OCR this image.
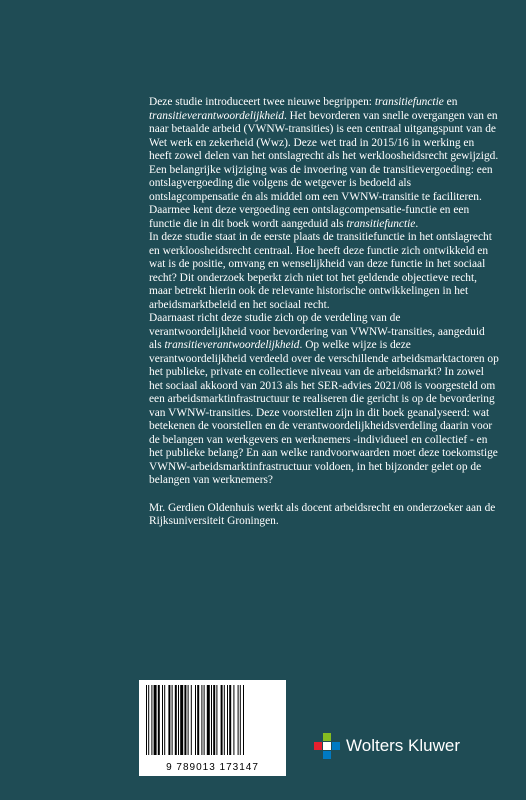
Deze studie introduceert twee nieuwe begrippen: transitiefunctie en transitieverantwoordelijkheid. Het bevorderen van snelle overgangen van en naar betaalde arbeid (VWNW-transities) is een centraal uitgangspunt van de Wet werk en zekerheid (Wwz). Deze wet trad in 2015/16 in werking en heeft zowel delen van het ontslagrecht als het werkloosheidsrecht gewijzigd. Een belangrijke wijziging was de invoering van de transitievergoeding: een ontslagvergoeding die volgens de wetgever is bedoeld als ontslagcompensatie én als middel om een VWNW-transitie te faciliteren. Daarmee kent deze vergoeding een ontslagcompensatie-functie en een functie die in dit boek wordt aangeduid als transitiefunctie.

In deze studie staat in de eerste plaats de transitiefunctie in het ontslagrecht en werkloosheidsrecht centraal. Hoe heeft deze functie zich ontwikkeld en wat is de positie, omvang en wenselijkheid van deze functie in het sociaal recht? Dit onderzoek beperkt zich niet tot het geldende objectieve recht, maar betrekt hierin ook de relevante historische ontwikkelingen in het arbeidsmarktbeleid en het sociaal recht.

Daarnaast richt deze studie zich op de verdeling van de verantwoordelijkheid voor bevordering van VWNW-transities, aangeduid als transitieverantwoordelijkheid. Op welke wijze is deze verantwoordelijkheid verdeeld over de verschillende arbeidsmarktactoren op het publieke, private en collectieve niveau van de arbeidsmarkt? In zowel het sociaal akkoord van 2013 als het SER-advies 2021/08 is voorgesteld om een arbeidsmarktinfrastructuur te realiseren die gericht is op de bevordering van VWNW-transities. Deze voorstellen zijn in dit boek geanalyseerd: wat betekenen de voorstellen en de verantwoordelijkheidsverdeling daarin voor de belangen van werkgevers en werknemers -individueel en collectief - en het publieke belang? En aan welke randvoorwaarden moet deze toekomstige VWNW-arbeidsmarktinfrastructuur voldoen, in het bijzonder gelet op de belangen van werknemers?

Mr. Gerdien Oldenhuis werkt als docent arbeidsrecht en onderzoeker aan de Rijksuniversiteit Groningen.

9 789013 173147
Wolters Kluwer
